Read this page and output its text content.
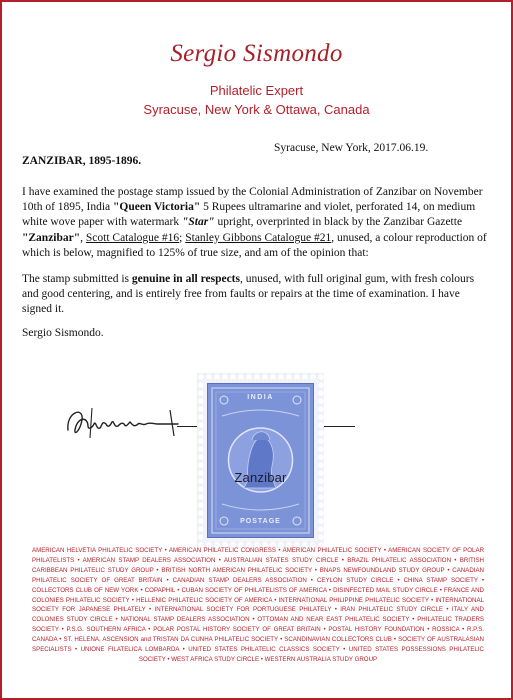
Sergio Sismondo
Philatelic Expert
Syracuse, New York & Ottawa, Canada
Syracuse, New York, 2017.06.19.
ZANZIBAR, 1895-1896.
I have examined the postage stamp issued by the Colonial Administration of Zanzibar on November 10th of 1895, India "Queen Victoria" 5 Rupees ultramarine and violet, perforated 14, on medium white wove paper with watermark "Star" upright, overprinted in black by the Zanzibar Gazette "Zanzibar", Scott Catalogue #16; Stanley Gibbons Catalogue #21, unused, a colour reproduction of which is below, magnified to 125% of true size, and am of the opinion that:
The stamp submitted is genuine in all respects, unused, with full original gum, with fresh colours and good centering, and is entirely free from faults or repairs at the time of examination. I have signed it.
Sergio Sismondo.
INDIA
POSTAGE
Zanzibar
AMERICAN HELVETIA PHILATELIC SOCIETY • AMERICAN PHILATELIC CONGRESS • AMERICAN PHILATELIC SOCIETY • AMERICAN SOCIETY OF POLAR PHILATELISTS • AMERICAN STAMP DEALERS ASSOCIATION • AUSTRALIAN STATES STUDY CIRCLE • BRAZIL PHILATELIC ASSOCIATION • BRITISH CARIBBEAN PHILATELIC STUDY GROUP • BRITISH NORTH AMERICAN PHILATELIC SOCIETY • BNAPS NEWFOUNDLAND STUDY GROUP • CANADIAN PHILATELIC SOCIETY OF GREAT BRITAIN • CANADIAN STAMP DEALERS ASSOCIATION • CEYLON STUDY CIRCLE • CHINA STAMP SOCIETY • COLLECTORS CLUB OF NEW YORK • COPAPHIL • CUBAN SOCIETY OF PHILATELISTS OF AMERICA • DISINFECTED MAIL STUDY CIRCLE • FRANCE AND COLONIES PHILATELIC SOCIETY • HELLENIC PHILATELIC SOCIETY OF AMERICA • INTERNATIONAL PHILIPPINE PHILATELIC SOCIETY • INTERNATIONAL SOCIETY FOR JAPANESE PHILATELY • INTERNATIONAL SOCIETY FOR PORTUGUESE PHILATELY • IRAN PHILATELIC STUDY CIRCLE • ITALY AND COLONIES STUDY CIRCLE • NATIONAL STAMP DEALERS ASSOCIATION • OTTOMAN AND NEAR EAST PHILATELIC SOCIETY • PHILATELIC TRADERS SOCIETY • P.S.G. SOUTHERN AFRICA • POLAR POSTAL HISTORY SOCIETY OF GREAT BRITAIN • POSTAL HISTORY FOUNDATION • ROSSICA • R.P.S. CANADA • ST. HELENA, ASCENSION and TRISTAN DA CUNHA PHILATELIC SOCIETY • SCANDINAVIAN COLLECTORS CLUB • SOCIETY OF AUSTRALASIAN SPECIALISTS • UNIONE FILATELICA LOMBARDA • UNITED STATES PHILATELIC CLASSICS SOCIETY • UNITED STATES POSSESSIONS PHILATELIC SOCIETY • WEST AFRICA STUDY CIRCLE • WESTERN AUSTRALIA STUDY GROUP
